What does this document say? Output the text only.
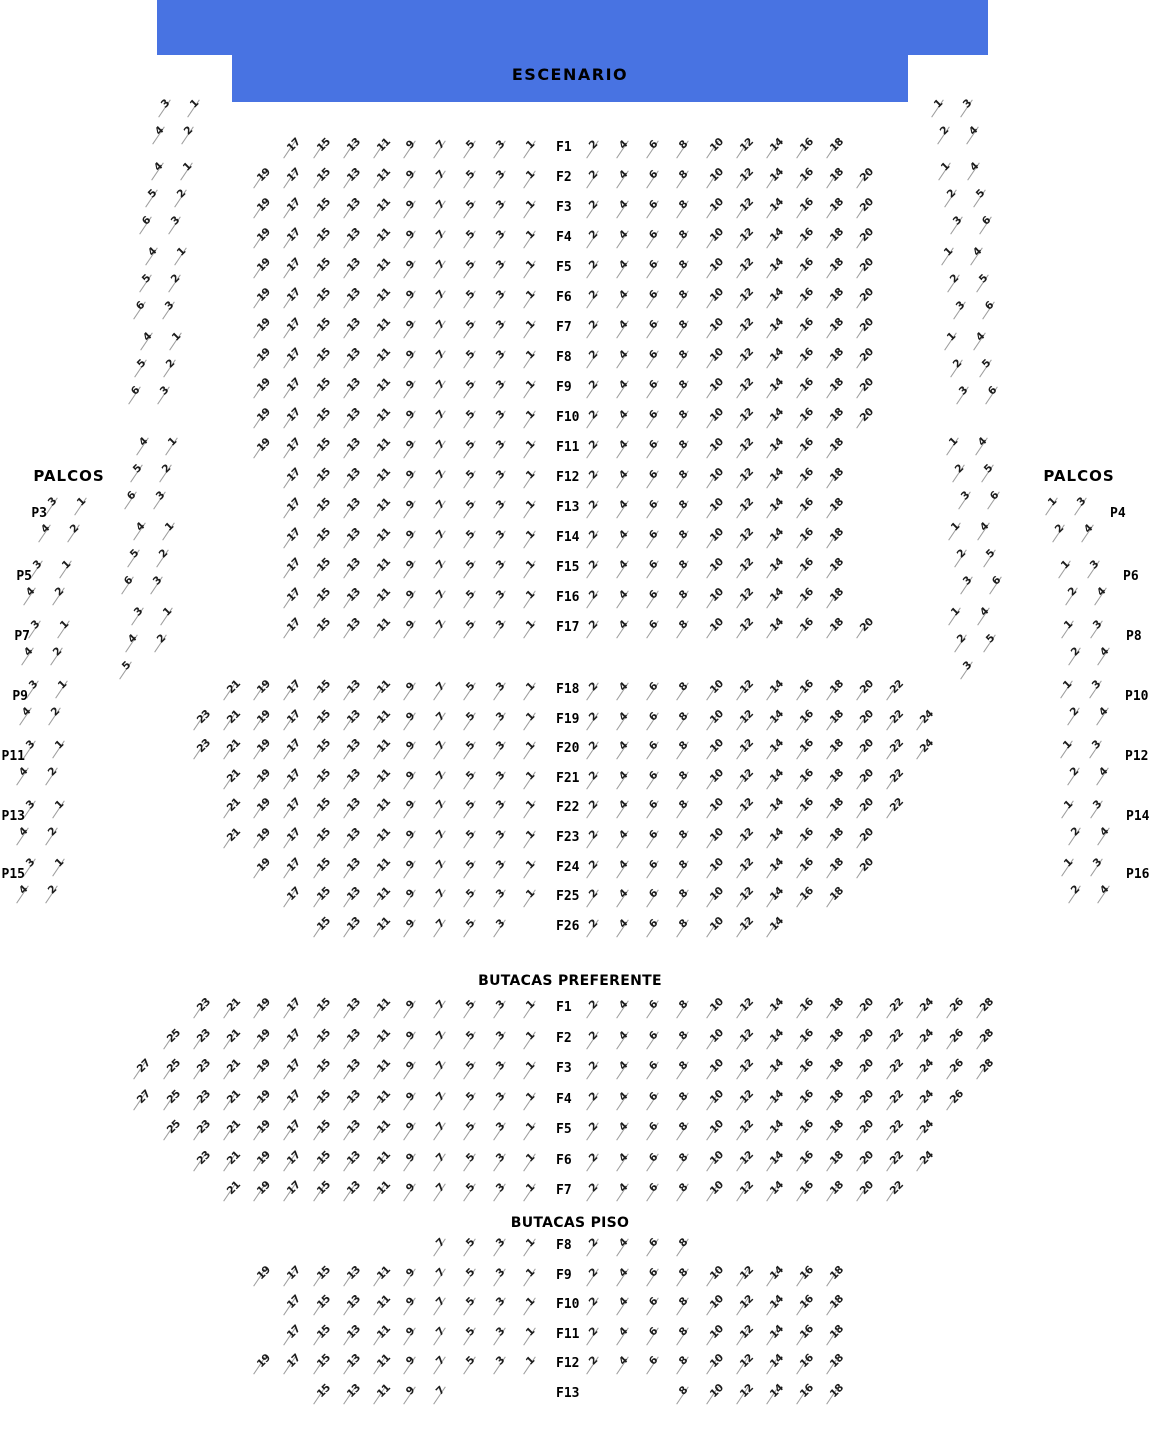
ESCENARIO
PALCOS	PALCOS
BUTACAS PREFERENTE
BUTACAS PISO
F1
17 15 13 11 9 7 5 3 1	2 4 6 8 10 12 14 16 18
F2
19 17 15 13 11 9 7 5 3 1	2 4 6 8 10 12 14 16 18 20
F3
19 17 15 13 11 9 7 5 3 1	2 4 6 8 10 12 14 16 18 20
F4
19 17 15 13 11 9 7 5 3 1	2 4 6 8 10 12 14 16 18 20
F5
19 17 15 13 11 9 7 5 3 1	2 4 6 8 10 12 14 16 18 20
F6
19 17 15 13 11 9 7 5 3 1	2 4 6 8 10 12 14 16 18 20
F7
19 17 15 13 11 9 7 5 3 1	2 4 6 8 10 12 14 16 18 20
F8
19 17 15 13 11 9 7 5 3 1	2 4 6 8 10 12 14 16 18 20
F9
19 17 15 13 11 9 7 5 3 1	2 4 6 8 10 12 14 16 18 20
F10
19 17 15 13 11 9 7 5 3 1	2 4 6 8 10 12 14 16 18 20
F11
19 17 15 13 11 9 7 5 3 1	2 4 6 8 10 12 14 16 18
F12
17 15 13 11 9 7 5 3 1	2 4 6 8 10 12 14 16 18
F13
17 15 13 11 9 7 5 3 1	2 4 6 8 10 12 14 16 18
F14
17 15 13 11 9 7 5 3 1	2 4 6 8 10 12 14 16 18
F15
17 15 13 11 9 7 5 3 1	2 4 6 8 10 12 14 16 18
F16
17 15 13 11 9 7 5 3 1	2 4 6 8 10 12 14 16 18
F17
17 15 13 11 9 7 5 3 1	2 4 6 8 10 12 14 16 18 20
F18
21 19 17 15 13 11 9 7 5 3 1	2 4 6 8 10 12 14 16 18 20 22
F19
23 21 19 17 15 13 11 9 7 5 3 1	2 4 6 8 10 12 14 16 18 20 22 24
F20
23 21 19 17 15 13 11 9 7 5 3 1	2 4 6 8 10 12 14 16 18 20 22 24
F21
21 19 17 15 13 11 9 7 5 3 1	2 4 6 8 10 12 14 16 18 20 22
F22
21 19 17 15 13 11 9 7 5 3 1	2 4 6 8 10 12 14 16 18 20 22
F23
21 19 17 15 13 11 9 7 5 3 1	2 4 6 8 10 12 14 16 18 20
F24
19 17 15 13 11 9 7 5 3 1	2 4 6 8 10 12 14 16 18 20
F25
17 15 13 11 9 7 5 3 1	2 4 6 8 10 12 14 16 18
F26
15 13 11 9 7 5 3	2 4 6 8 10 12 14
F1
23 21 19 17 15 13 11 9 7 5 3 1	2 4 6 8 10 12 14 16 18 20 22 24 26 28
F2
25 23 21 19 17 15 13 11 9 7 5 3 1	2 4 6 8 10 12 14 16 18 20 22 24 26 28
F3
27 25 23 21 19 17 15 13 11 9 7 5 3 1	2 4 6 8 10 12 14 16 18 20 22 24 26 28
F4
27 25 23 21 19 17 15 13 11 9 7 5 3 1	2 4 6 8 10 12 14 16 18 20 22 24 26
F5
25 23 21 19 17 15 13 11 9 7 5 3 1	2 4 6 8 10 12 14 16 18 20 22 24
F6
23 21 19 17 15 13 11 9 7 5 3 1	2 4 6 8 10 12 14 16 18 20 22 24
F7
21 19 17 15 13 11 9 7 5 3 1	2 4 6 8 10 12 14 16 18 20 22
F8
7 5 3 1	2 4 6 8
F9
19 17 15 13 11 9 7 5 3 1	2 4 6 8 10 12 14 16 18
F10
17 15 13 11 9 7 5 3 1	2 4 6 8 10 12 14 16 18
F11
17 15 13 11 9 7 5 3 1	2 4 6 8 10 12 14 16 18
F12
19 17 15 13 11 9 7 5 3 1	2 4 6 8 10 12 14 16 18
F13
15 13 11 9 7	8 10 12 14 16 18
3 1
4 2
4 1
5 2
6 3
4 1
5 2
6 3
4 1
5 2
6 3
4 1
5 2
6 3
4 1
5 2
6 3
3 1
4 2
5
1 3
2 4
1 4
2 5
3 6
1 4
2 5
3 6
1 4
2 5
3 6
1 4
2 5
3 6
1 4
2 5
3 6
1 4
2 5
3
3 1
4 2
P3
3 1
4 2
P5
3 1
4 2
P7
3 1
4 2
P9
3 1
4 2
P11
3 1
4 2
P13
3 1
4 2
P15
1 3
2 4
P4
1 3
2 4
P6
1 3
2 4
P8
1 3
2 4
P10
1 3
2 4
P12
1 3
2 4
P14
1 3
2 4
P16
